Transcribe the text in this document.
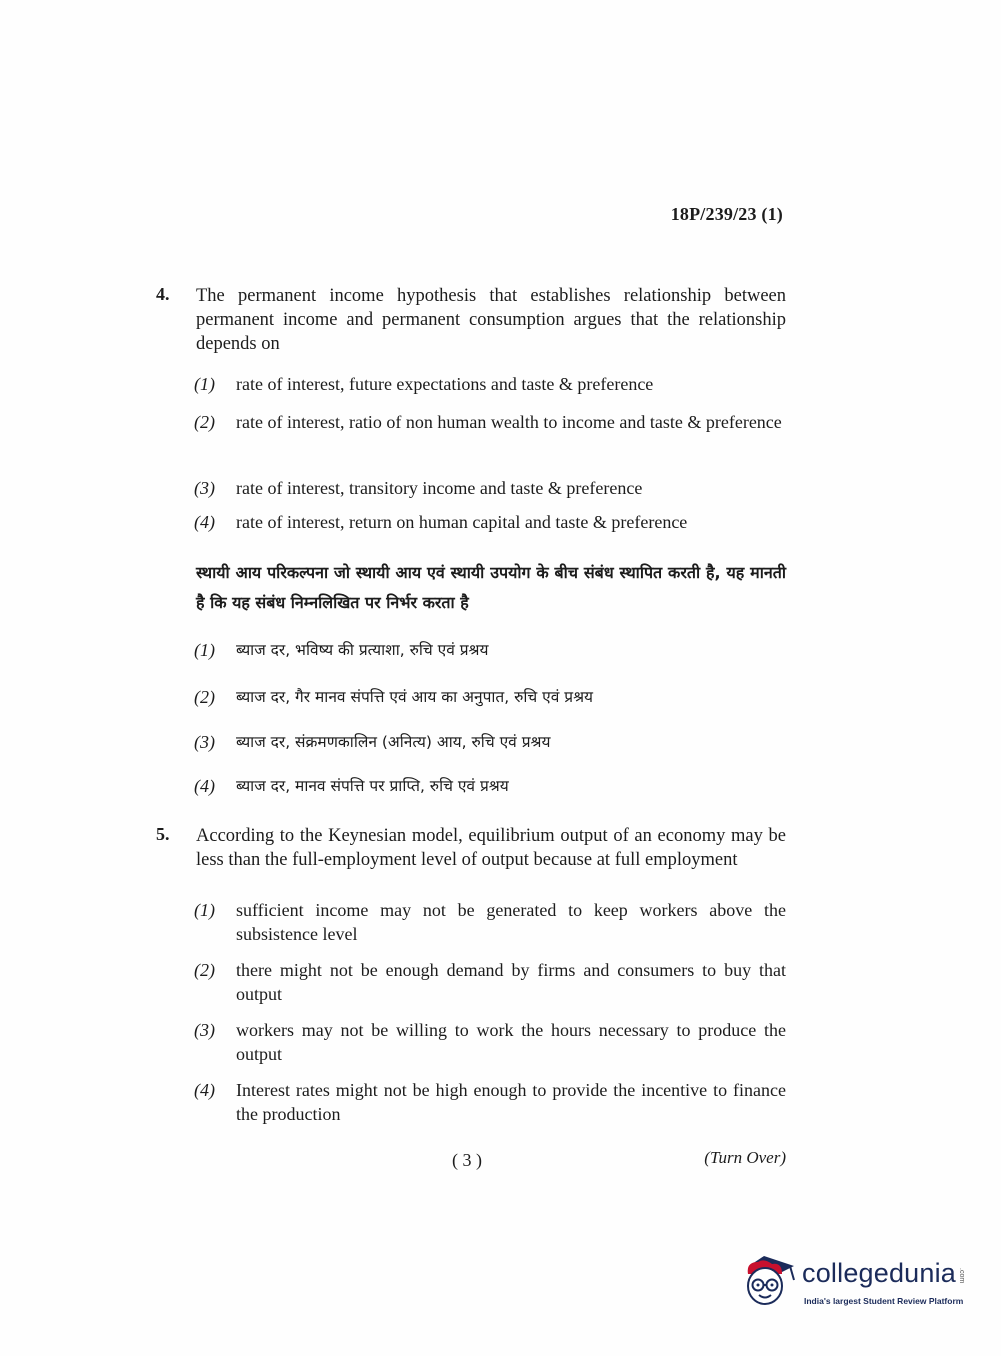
18P/239/23 (1)
4. The permanent income hypothesis that establishes relationship between permanent income and permanent consumption argues that the relationship depends on
(1) rate of interest, future expectations and taste & preference
(2) rate of interest, ratio of non human wealth to income and taste & preference
(3) rate of interest, transitory income and taste & preference
(4) rate of interest, return on human capital and taste & preference
स्थायी आय परिकल्पना जो स्थायी आय एवं स्थायी उपयोग के बीच संबंध स्थापित करती है, यह मानती है कि यह संबंध निम्नलिखित पर निर्भर करता है
(1) ब्याज दर, भविष्य की प्रत्याशा, रुचि एवं प्रश्रय
(2) ब्याज दर, गैर मानव संपत्ति एवं आय का अनुपात, रुचि एवं प्रश्रय
(3) ब्याज दर, संक्रमणकालिन (अनित्य) आय, रुचि एवं प्रश्रय
(4) ब्याज दर, मानव संपत्ति पर प्राप्ति, रुचि एवं प्रश्रय
5. According to the Keynesian model, equilibrium output of an economy may be less than the full-employment level of output because at full employment
(1) sufficient income may not be generated to keep workers above the subsistence level
(2) there might not be enough demand by firms and consumers to buy that output
(3) workers may not be willing to work the hours necessary to produce the output
(4) Interest rates might not be high enough to provide the incentive to finance the production
( 3 )	(Turn Over)
collegedunia .com
India's largest Student Review Platform
